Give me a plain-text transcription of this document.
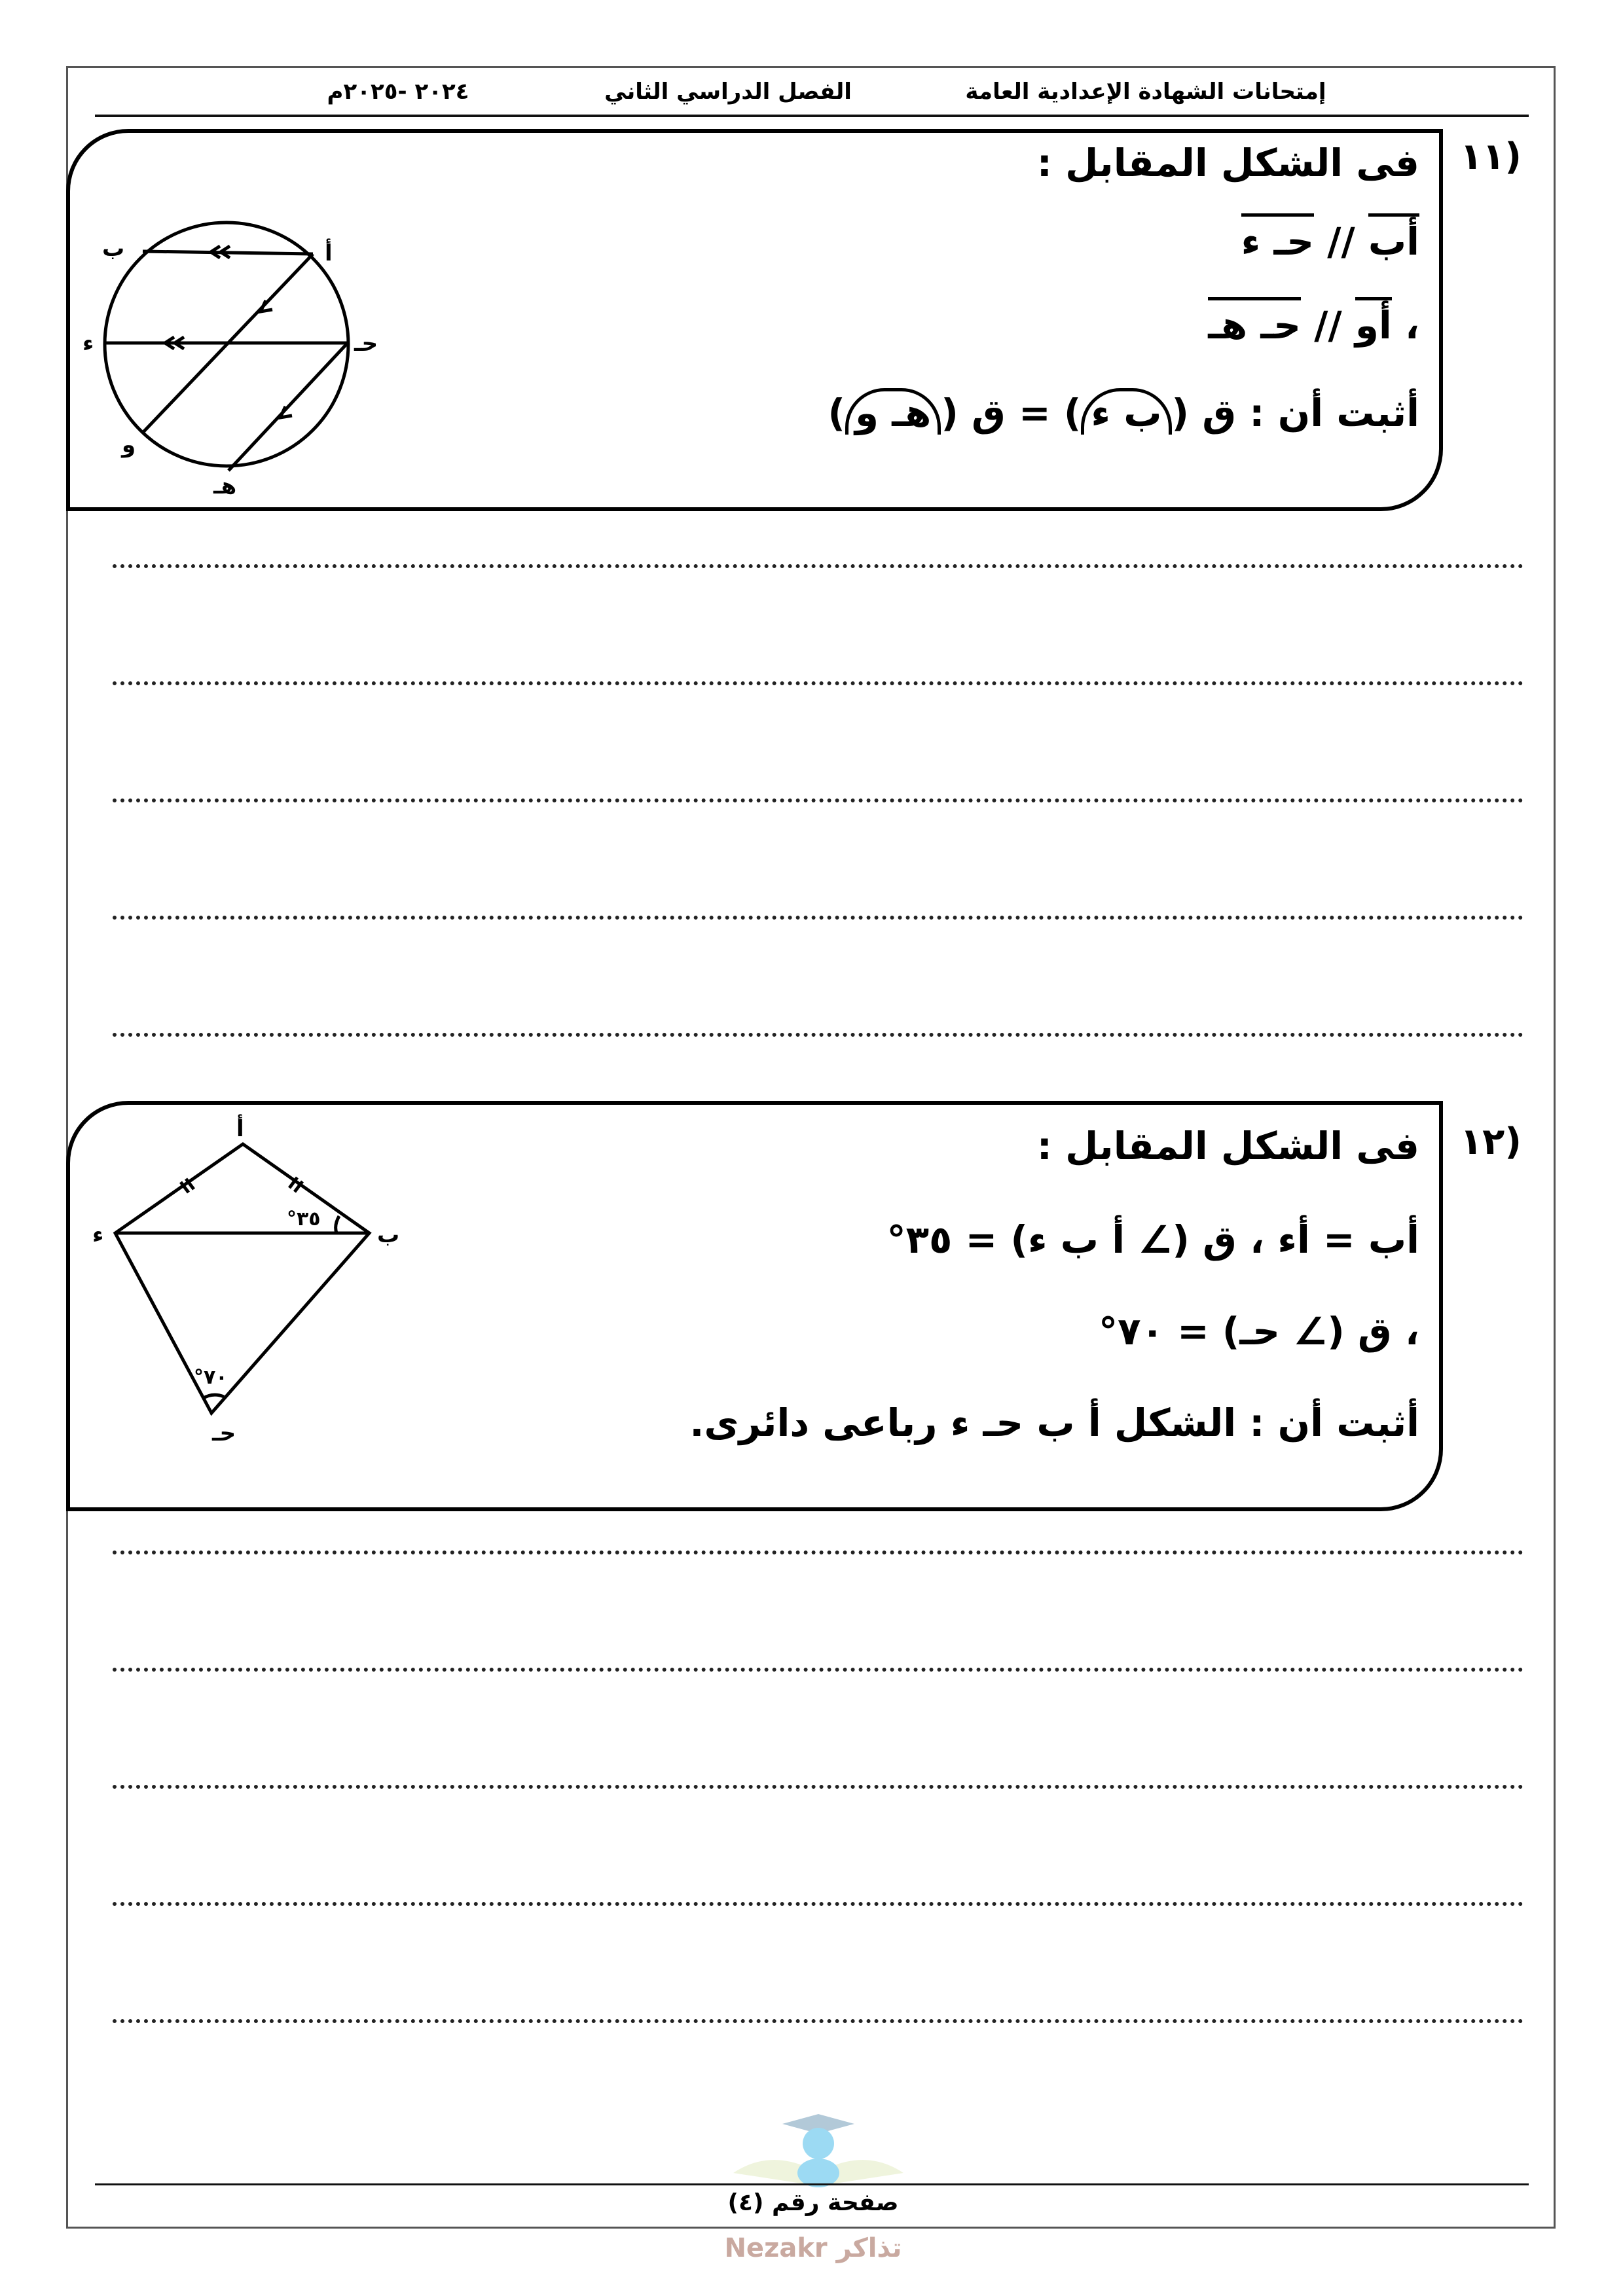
إمتحانات الشهادة الإعدادية العامة
الفصل الدراسي الثاني
٢٠٢٤ -٢٠٢٥م
(١١
فى الشكل المقابل :
أب // حـ ء
، أو // حـ هـ
أثبت أن : ق (ب ء) = ق (هـ و)
أ
ب
حـ
ء
و
هـ
(١٢
فى الشكل المقابل :
أب = أء ، ق (∠ أ ب ء) = ٣٥°
، ق (∠ حـ) = ٧٠°
أثبت أن : الشكل أ ب حـ ء رباعى دائرى.
أ
ب
ء
حـ
°٣٥
°٧٠
Nezakr تذاكر
صفحة رقم (٤)
